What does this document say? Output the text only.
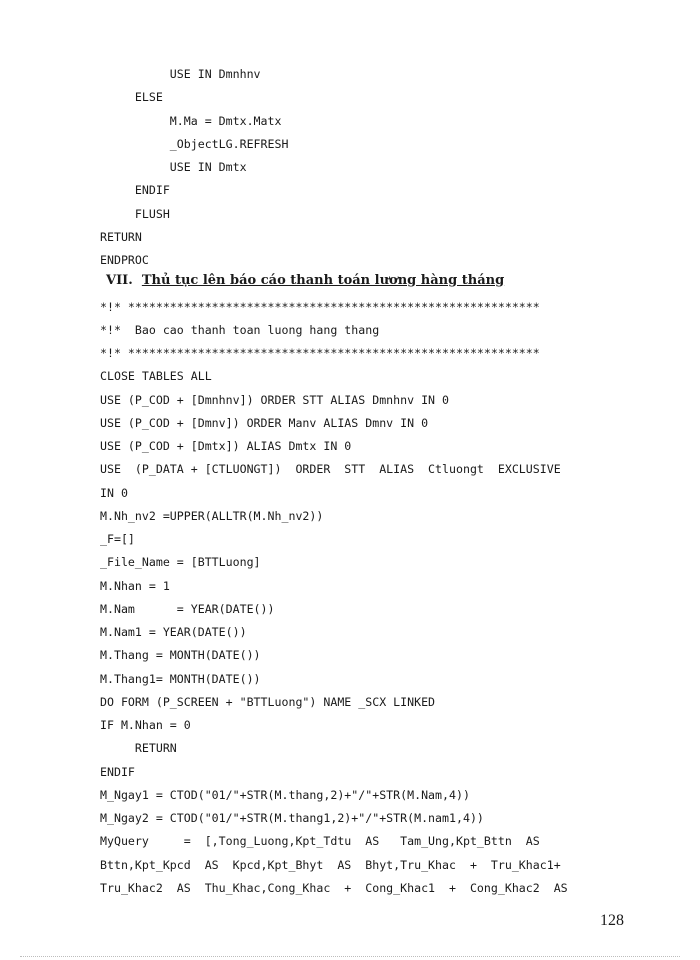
USE IN Dmnhnv
ELSE
M.Ma = Dmtx.Matx
_ObjectLG.REFRESH
USE IN Dmtx
ENDIF
FLUSH
RETURN
ENDPROC
*!* ***********************************************************
*!*  Bao cao thanh toan luong hang thang
*!* ***********************************************************
CLOSE TABLES ALL
USE (P_COD + [Dmnhnv]) ORDER STT ALIAS Dmnhnv IN 0
USE (P_COD + [Dmnv]) ORDER Manv ALIAS Dmnv IN 0
USE (P_COD + [Dmtx]) ALIAS Dmtx IN 0
USE  (P_DATA + [CTLUONGT])  ORDER  STT  ALIAS  Ctluongt  EXCLUSIVE
IN 0
M.Nh_nv2 =UPPER(ALLTR(M.Nh_nv2))
_F=[]
_File_Name = [BTTLuong]
M.Nhan = 1
M.Nam      = YEAR(DATE())
M.Nam1 = YEAR(DATE())
M.Thang = MONTH(DATE())
M.Thang1= MONTH(DATE())
DO FORM (P_SCREEN + "BTTLuong") NAME _SCX LINKED
IF M.Nhan = 0
RETURN
ENDIF
M_Ngay1 = CTOD("01/"+STR(M.thang,2)+"/"+STR(M.Nam,4))
M_Ngay2 = CTOD("01/"+STR(M.thang1,2)+"/"+STR(M.nam1,4))
MyQuery     =  [,Tong_Luong,Kpt_Tdtu  AS   Tam_Ung,Kpt_Bttn  AS
Bttn,Kpt_Kpcd  AS  Kpcd,Kpt_Bhyt  AS  Bhyt,Tru_Khac  +  Tru_Khac1+
Tru_Khac2  AS  Thu_Khac,Cong_Khac  +  Cong_Khac1  +  Cong_Khac2  AS
VII. Thủ tục lên báo cáo thanh toán lương hàng tháng
128
